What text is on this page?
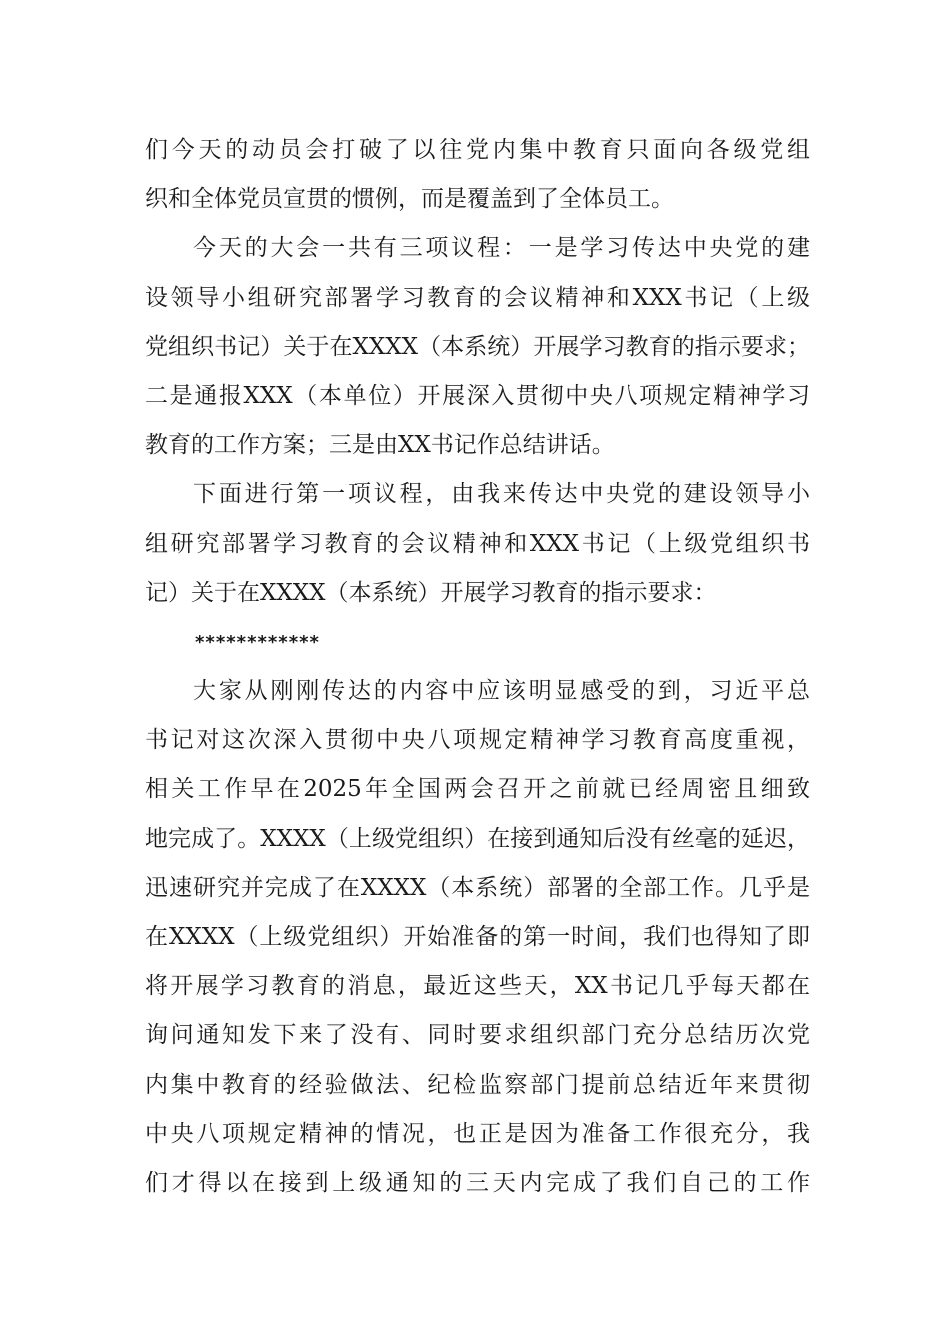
们今天的动员会打破了以往党内集中教育只面向各级党组
织和全体党员宣贯的惯例，而是覆盖到了全体员工。
今天的大会一共有三项议程：一是学习传达中央党的建
设领导小组研究部署学习教育的会议精神和XXX书记（上级
党组织书记）关于在XXXX（本系统）开展学习教育的指示要求；
二是通报XXX（本单位）开展深入贯彻中央八项规定精神学习
教育的工作方案；三是由XX书记作总结讲话。
下面进行第一项议程，由我来传达中央党的建设领导小
组研究部署学习教育的会议精神和XXX书记（上级党组织书
记）关于在XXXX（本系统）开展学习教育的指示要求：
************
大家从刚刚传达的内容中应该明显感受的到，习近平总
书记对这次深入贯彻中央八项规定精神学习教育高度重视，
相关工作早在2025年全国两会召开之前就已经周密且细致
地完成了。XXXX（上级党组织）在接到通知后没有丝毫的延迟，
迅速研究并完成了在XXXX（本系统）部署的全部工作。几乎是
在XXXX（上级党组织）开始准备的第一时间，我们也得知了即
将开展学习教育的消息，最近这些天，XX书记几乎每天都在
询问通知发下来了没有、同时要求组织部门充分总结历次党
内集中教育的经验做法、纪检监察部门提前总结近年来贯彻
中央八项规定精神的情况，也正是因为准备工作很充分，我
们才得以在接到上级通知的三天内完成了我们自己的工作
